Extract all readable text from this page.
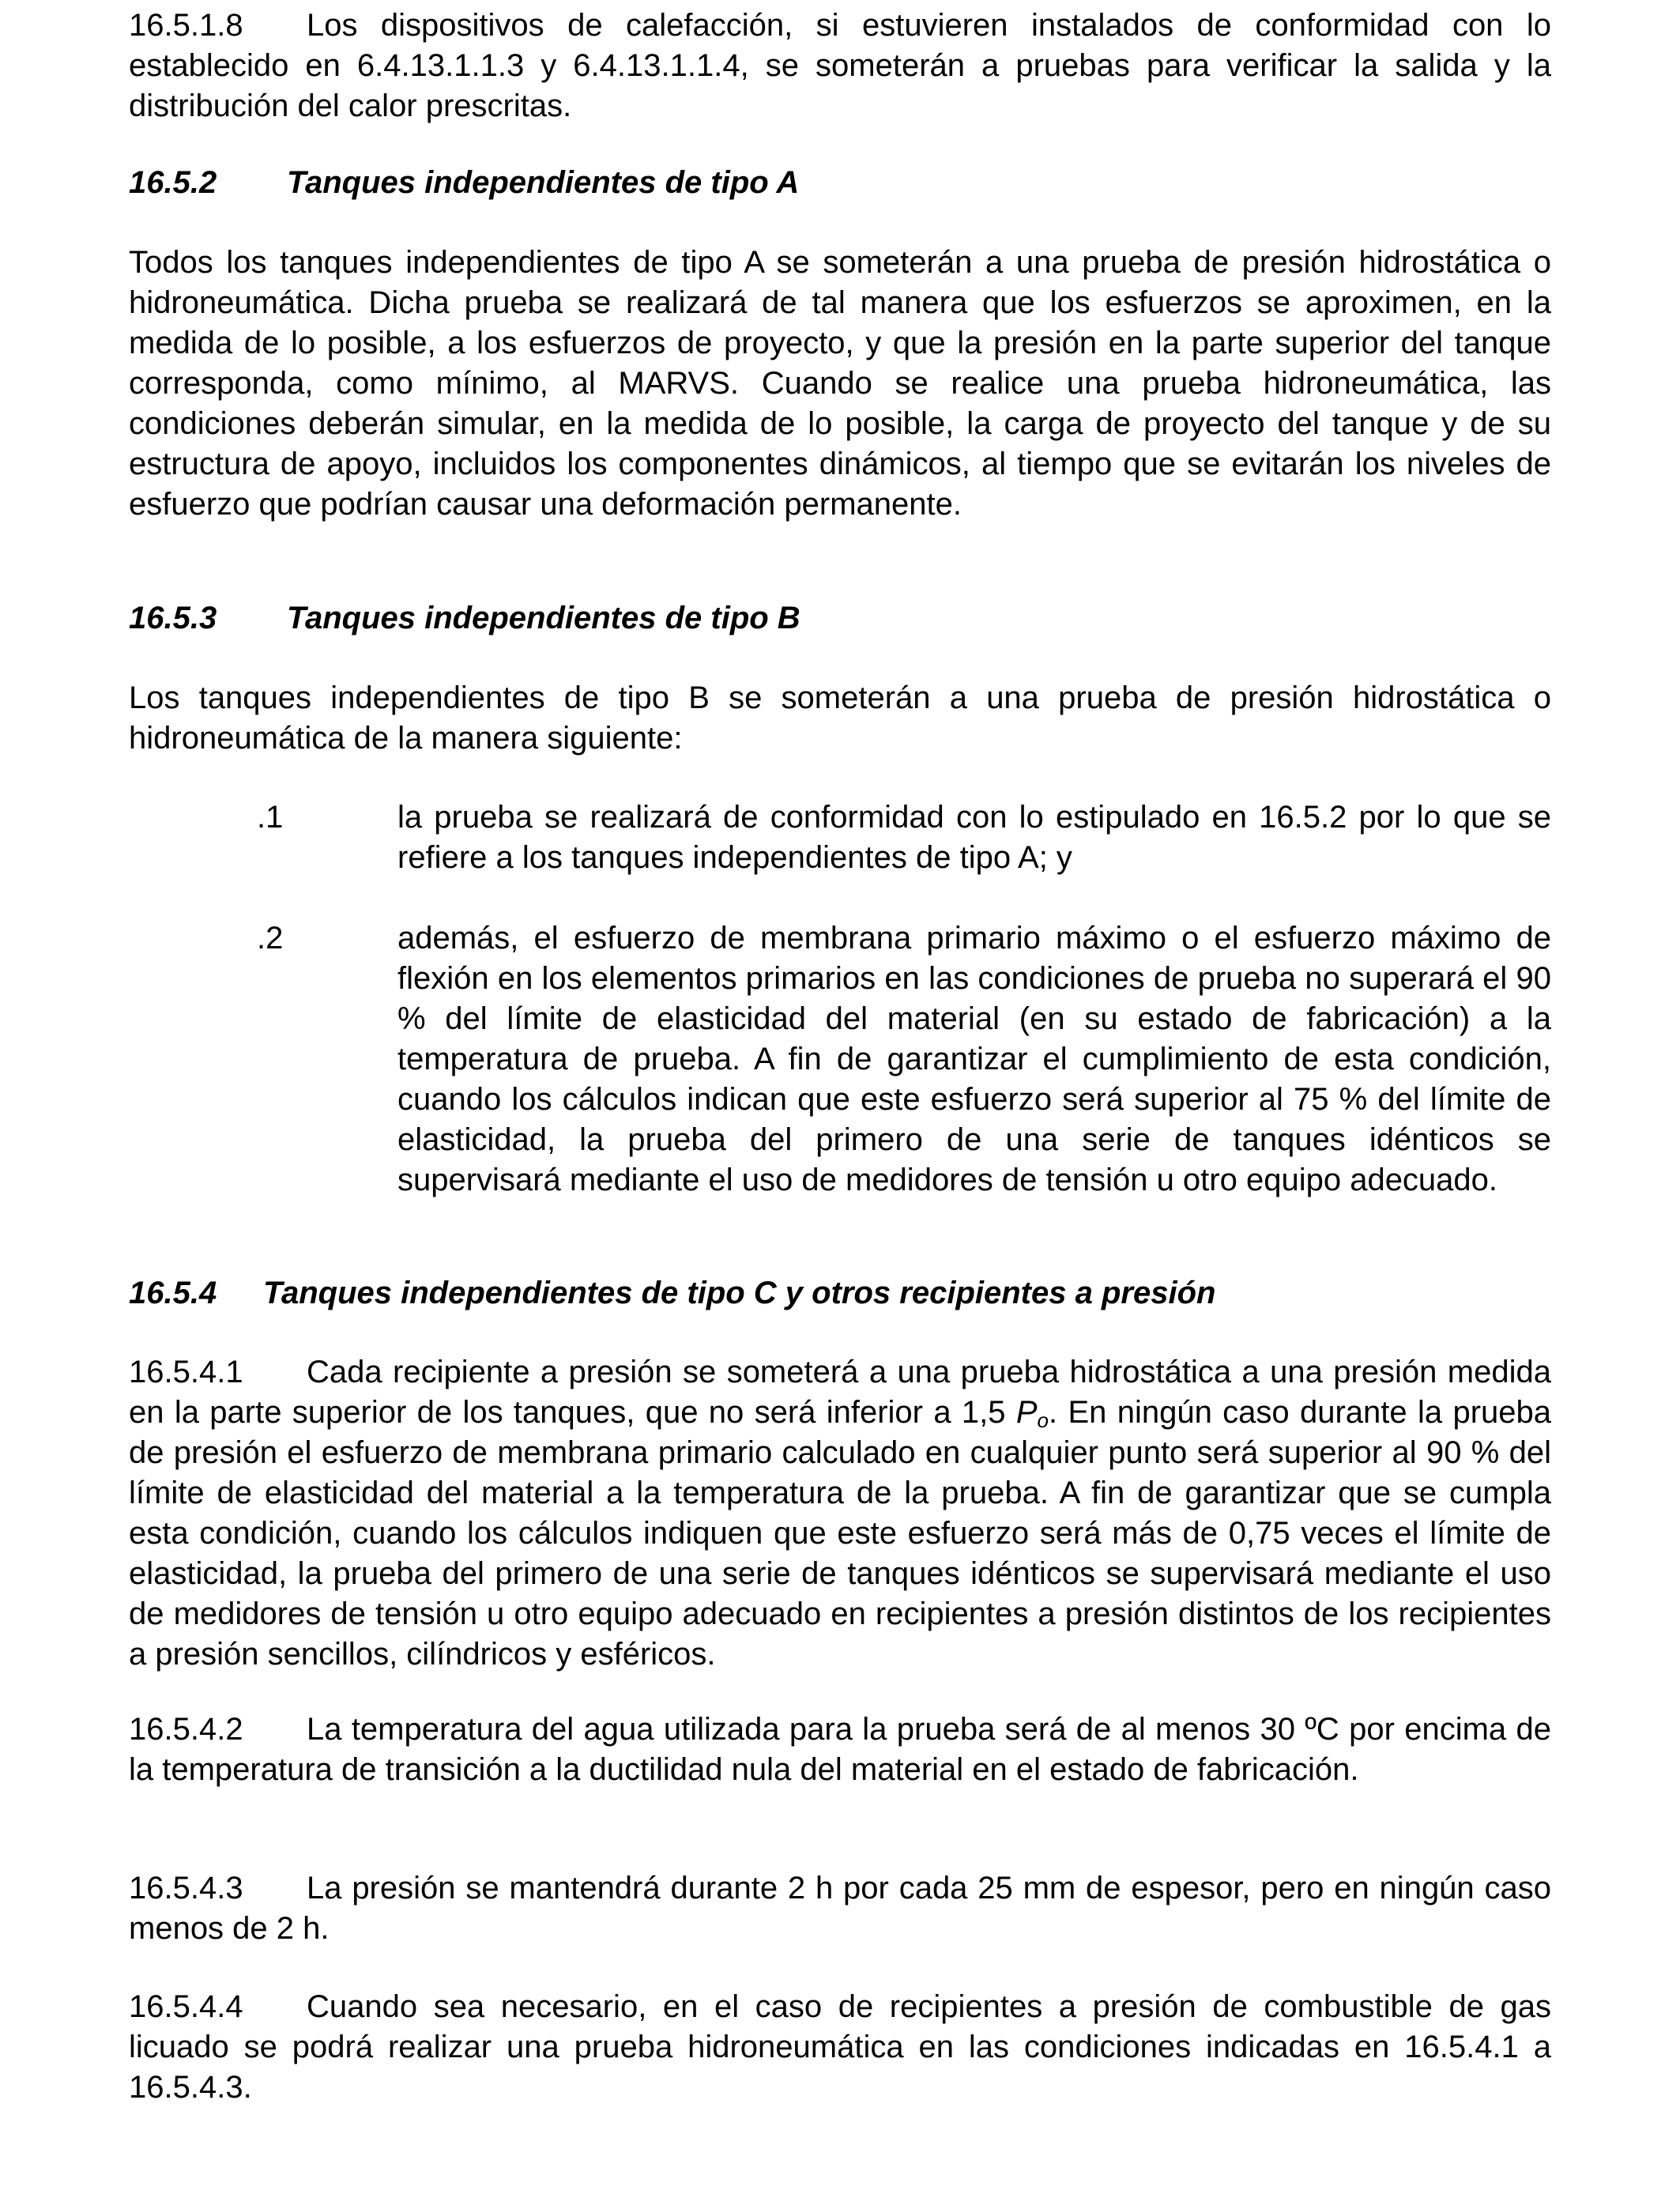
16.5.1.8 Los dispositivos de calefacción, si estuvieren instalados de conformidad con lo establecido en 6.4.13.1.1.3 y 6.4.13.1.1.4, se someterán a pruebas para verificar la salida y la distribución del calor prescritas.

16.5.2 Tanques independientes de tipo A

Todos los tanques independientes de tipo A se someterán a una prueba de presión hidrostática o hidroneumática. Dicha prueba se realizará de tal manera que los esfuerzos se aproximen, en la medida de lo posible, a los esfuerzos de proyecto, y que la presión en la parte superior del tanque corresponda, como mínimo, al MARVS. Cuando se realice una prueba hidroneumática, las condiciones deberán simular, en la medida de lo posible, la carga de proyecto del tanque y de su estructura de apoyo, incluidos los componentes dinámicos, al tiempo que se evitarán los niveles de esfuerzo que podrían causar una deformación permanente.

16.5.3 Tanques independientes de tipo B

Los tanques independientes de tipo B se someterán a una prueba de presión hidrostática o hidroneumática de la manera siguiente:

.1	la prueba se realizará de conformidad con lo estipulado en 16.5.2 por lo que se refiere a los tanques independientes de tipo A; y

.2	además, el esfuerzo de membrana primario máximo o el esfuerzo máximo de flexión en los elementos primarios en las condiciones de prueba no superará el 90 % del límite de elasticidad del material (en su estado de fabricación) a la temperatura de prueba. A fin de garantizar el cumplimiento de esta condición, cuando los cálculos indican que este esfuerzo será superior al 75 % del límite de elasticidad, la prueba del primero de una serie de tanques idénticos se supervisará mediante el uso de medidores de tensión u otro equipo adecuado.

16.5.4 Tanques independientes de tipo C y otros recipientes a presión

16.5.4.1 Cada recipiente a presión se someterá a una prueba hidrostática a una presión medida en la parte superior de los tanques, que no será inferior a 1,5 $P_o$. En ningún caso durante la prueba de presión el esfuerzo de membrana primario calculado en cualquier punto será superior al 90 % del límite de elasticidad del material a la temperatura de la prueba. A fin de garantizar que se cumpla esta condición, cuando los cálculos indiquen que este esfuerzo será más de 0,75 veces el límite de elasticidad, la prueba del primero de una serie de tanques idénticos se supervisará mediante el uso de medidores de tensión u otro equipo adecuado en recipientes a presión distintos de los recipientes a presión sencillos, cilíndricos y esféricos.

16.5.4.2 La temperatura del agua utilizada para la prueba será de al menos 30 ºC por encima de la temperatura de transición a la ductilidad nula del material en el estado de fabricación.

16.5.4.3 La presión se mantendrá durante 2 h por cada 25 mm de espesor, pero en ningún caso menos de 2 h.

16.5.4.4 Cuando sea necesario, en el caso de recipientes a presión de combustible de gas licuado se podrá realizar una prueba hidroneumática en las condiciones indicadas en 16.5.4.1 a 16.5.4.3.
